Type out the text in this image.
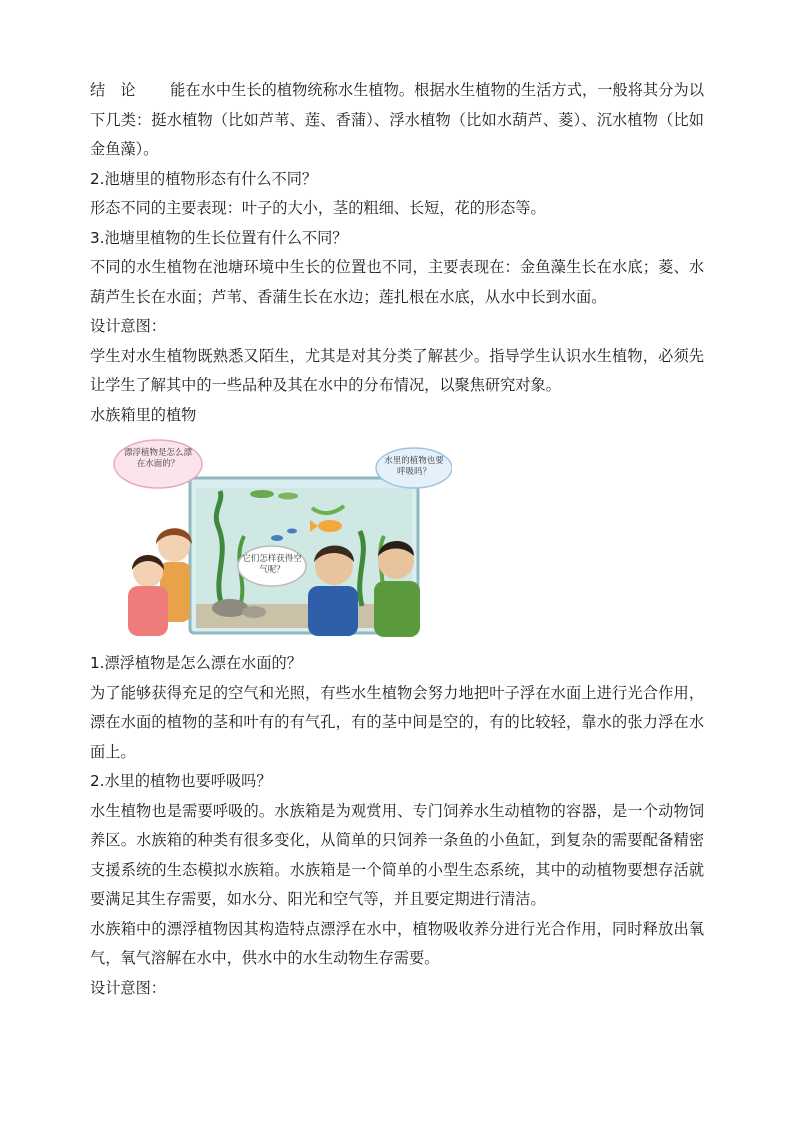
结　论 能在水中生长的植物统称水生植物。根据水生植物的生活方式，一般将其分为以下几类：挺水植物（比如芦苇、莲、香蒲）、浮水植物（比如水葫芦、菱）、沉水植物（比如金鱼藻）。

2.池塘里的植物形态有什么不同？

形态不同的主要表现：叶子的大小，茎的粗细、长短，花的形态等。

3.池塘里植物的生长位置有什么不同？

不同的水生植物在池塘环境中生长的位置也不同，主要表现在：金鱼藻生长在水底；菱、水葫芦生长在水面；芦苇、香蒲生长在水边；莲扎根在水底，从水中长到水面。

设计意图：

学生对水生植物既熟悉又陌生，尤其是对其分类了解甚少。指导学生认识水生植物，必须先让学生了解其中的一些品种及其在水中的分布情况，以聚焦研究对象。

水族箱里的植物

漂浮植物是怎么漂在水面的？
它们怎样获得空气呢？
水里的植物也要呼吸吗？

1.漂浮植物是怎么漂在水面的？

为了能够获得充足的空气和光照，有些水生植物会努力地把叶子浮在水面上进行光合作用，漂在水面的植物的茎和叶有的有气孔，有的茎中间是空的，有的比较轻，靠水的张力浮在水面上。

2.水里的植物也要呼吸吗？

水生植物也是需要呼吸的。水族箱是为观赏用、专门饲养水生动植物的容器，是一个动物饲养区。水族箱的种类有很多变化，从简单的只饲养一条鱼的小鱼缸，到复杂的需要配备精密支援系统的生态模拟水族箱。水族箱是一个简单的小型生态系统，其中的动植物要想存活就要满足其生存需要，如水分、阳光和空气等，并且要定期进行清洁。

水族箱中的漂浮植物因其构造特点漂浮在水中，植物吸收养分进行光合作用，同时释放出氧气，氧气溶解在水中，供水中的水生动物生存需要。

设计意图：
